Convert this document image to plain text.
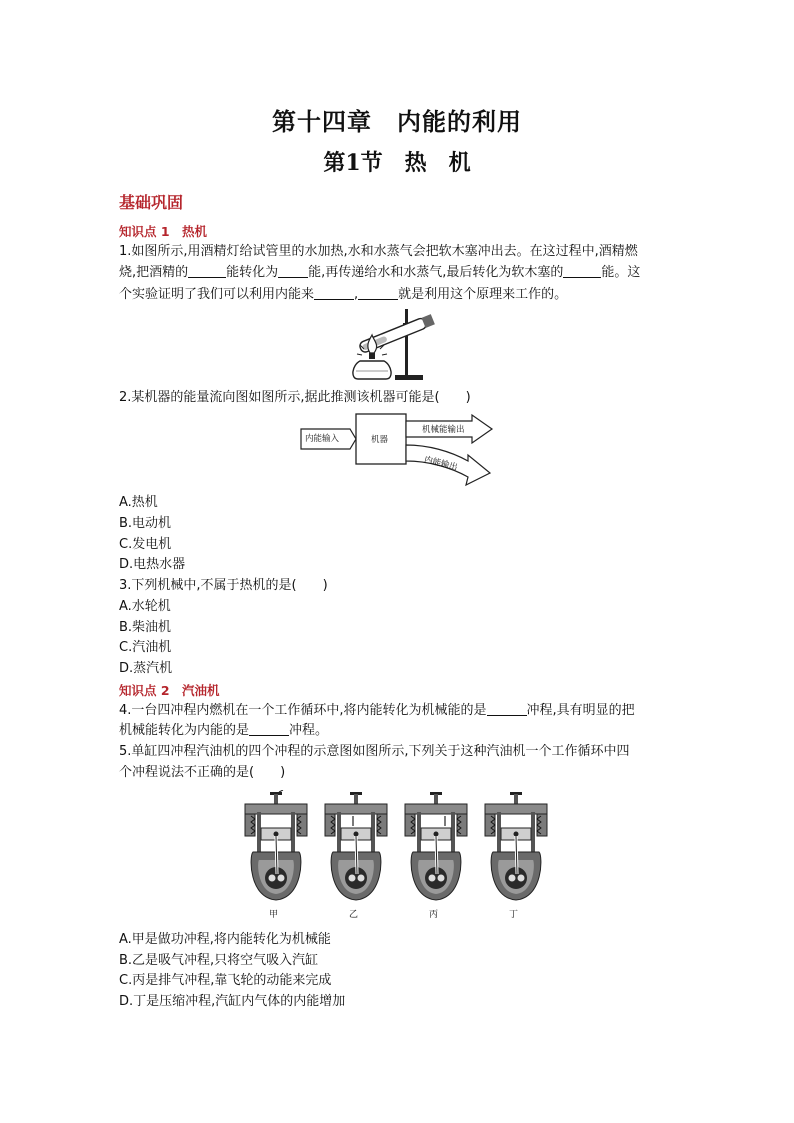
第十四章　内能的利用
第1节　热　机
基础巩固
知识点 1　热机
1.如图所示,用酒精灯给试管里的水加热,水和水蒸气会把软木塞冲出去。在这过程中,酒精燃
烧,把酒精的	能转化为 能,再传递给水和水蒸气,最后转化为软木塞的	能。这
个实验证明了我们可以利用内能来	,	就是利用这个原理来工作的。
2.某机器的能量流向图如图所示,据此推测该机器可能是(　　)
内能输入	机器
机械能输出
内能输出
A.热机
B.电动机
C.发电机
D.电热水器
3.下列机械中,不属于热机的是(　　)
A.水轮机
B.柴油机
C.汽油机
D.蒸汽机
知识点 2　汽油机
4.一台四冲程内燃机在一个工作循环中,将内能转化为机械能的是	冲程,具有明显的把
机械能转化为内能的是	冲程。
5.单缸四冲程汽油机的四个冲程的示意图如图所示,下列关于这种汽油机一个工作循环中四
个冲程说法不正确的是(　　)
甲	乙	丙	丁
A.甲是做功冲程,将内能转化为机械能
B.乙是吸气冲程,只将空气吸入汽缸
C.丙是排气冲程,靠飞轮的动能来完成
D.丁是压缩冲程,汽缸内气体的内能增加
